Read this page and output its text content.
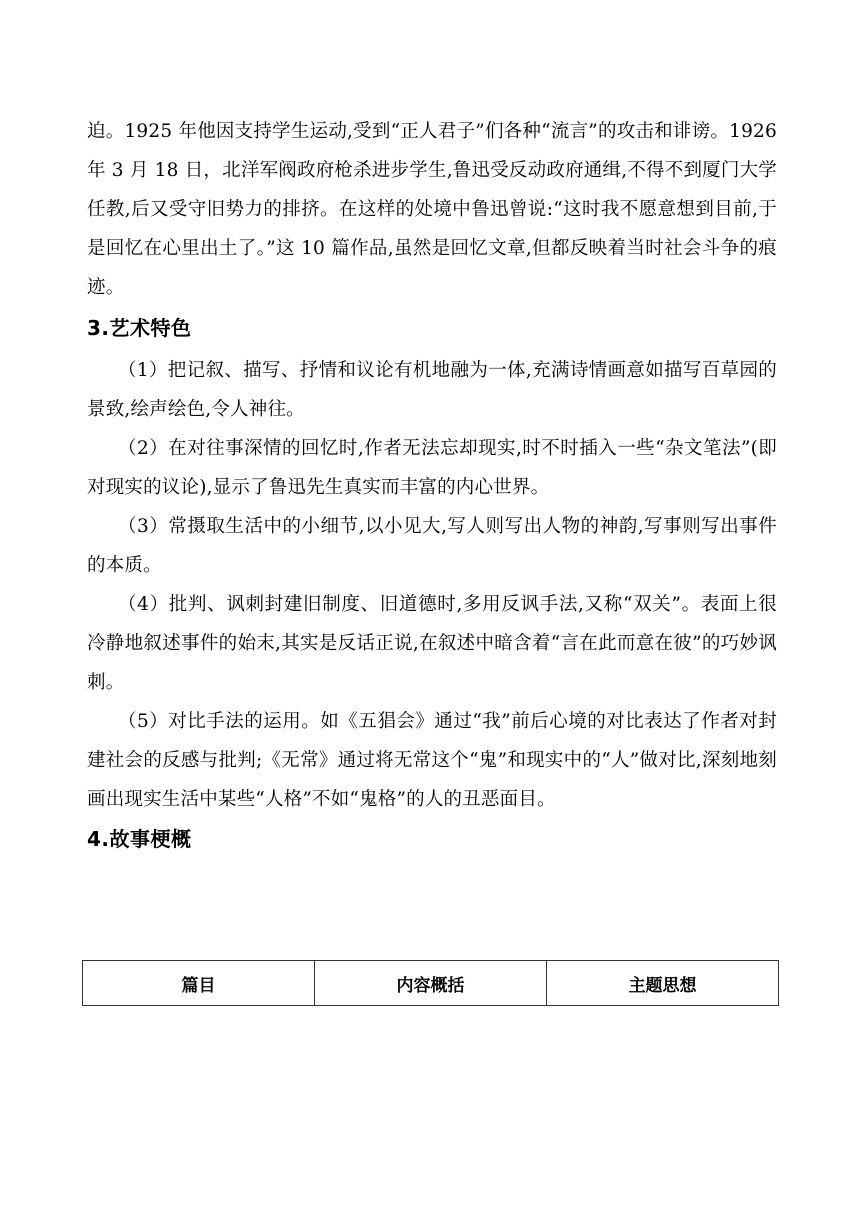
迫。1925 年他因支持学生运动,受到“正人君子”们各种“流言”的攻击和诽谤。1926 年 3 月 18 日，北洋军阀政府枪杀进步学生,鲁迅受反动政府通缉,不得不到厦门大学任教,后又受守旧势力的排挤。在这样的处境中鲁迅曾说:“这时我不愿意想到目前,于是回忆在心里出土了。”这 10 篇作品,虽然是回忆文章,但都反映着当时社会斗争的痕迹。

3.艺术特色

（1）把记叙、描写、抒情和议论有机地融为一体,充满诗情画意如描写百草园的景致,绘声绘色,令人神往。

（2）在对往事深情的回忆时,作者无法忘却现实,时不时插入一些“杂文笔法”(即对现实的议论),显示了鲁迅先生真实而丰富的内心世界。

（3）常摄取生活中的小细节,以小见大,写人则写出人物的神韵,写事则写出事件的本质。

（4）批判、讽刺封建旧制度、旧道德时,多用反讽手法,又称“双关”。表面上很冷静地叙述事件的始末,其实是反话正说,在叙述中暗含着“言在此而意在彼”的巧妙讽刺。

（5）对比手法的运用。如《五猖会》通过“我”前后心境的对比表达了作者对封建社会的反感与批判;《无常》通过将无常这个“鬼”和现实中的“人”做对比,深刻地刻画出现实生活中某些“人格”不如“鬼格”的人的丑恶面目。

4.故事梗概
篇目	内容概括	主题思想
